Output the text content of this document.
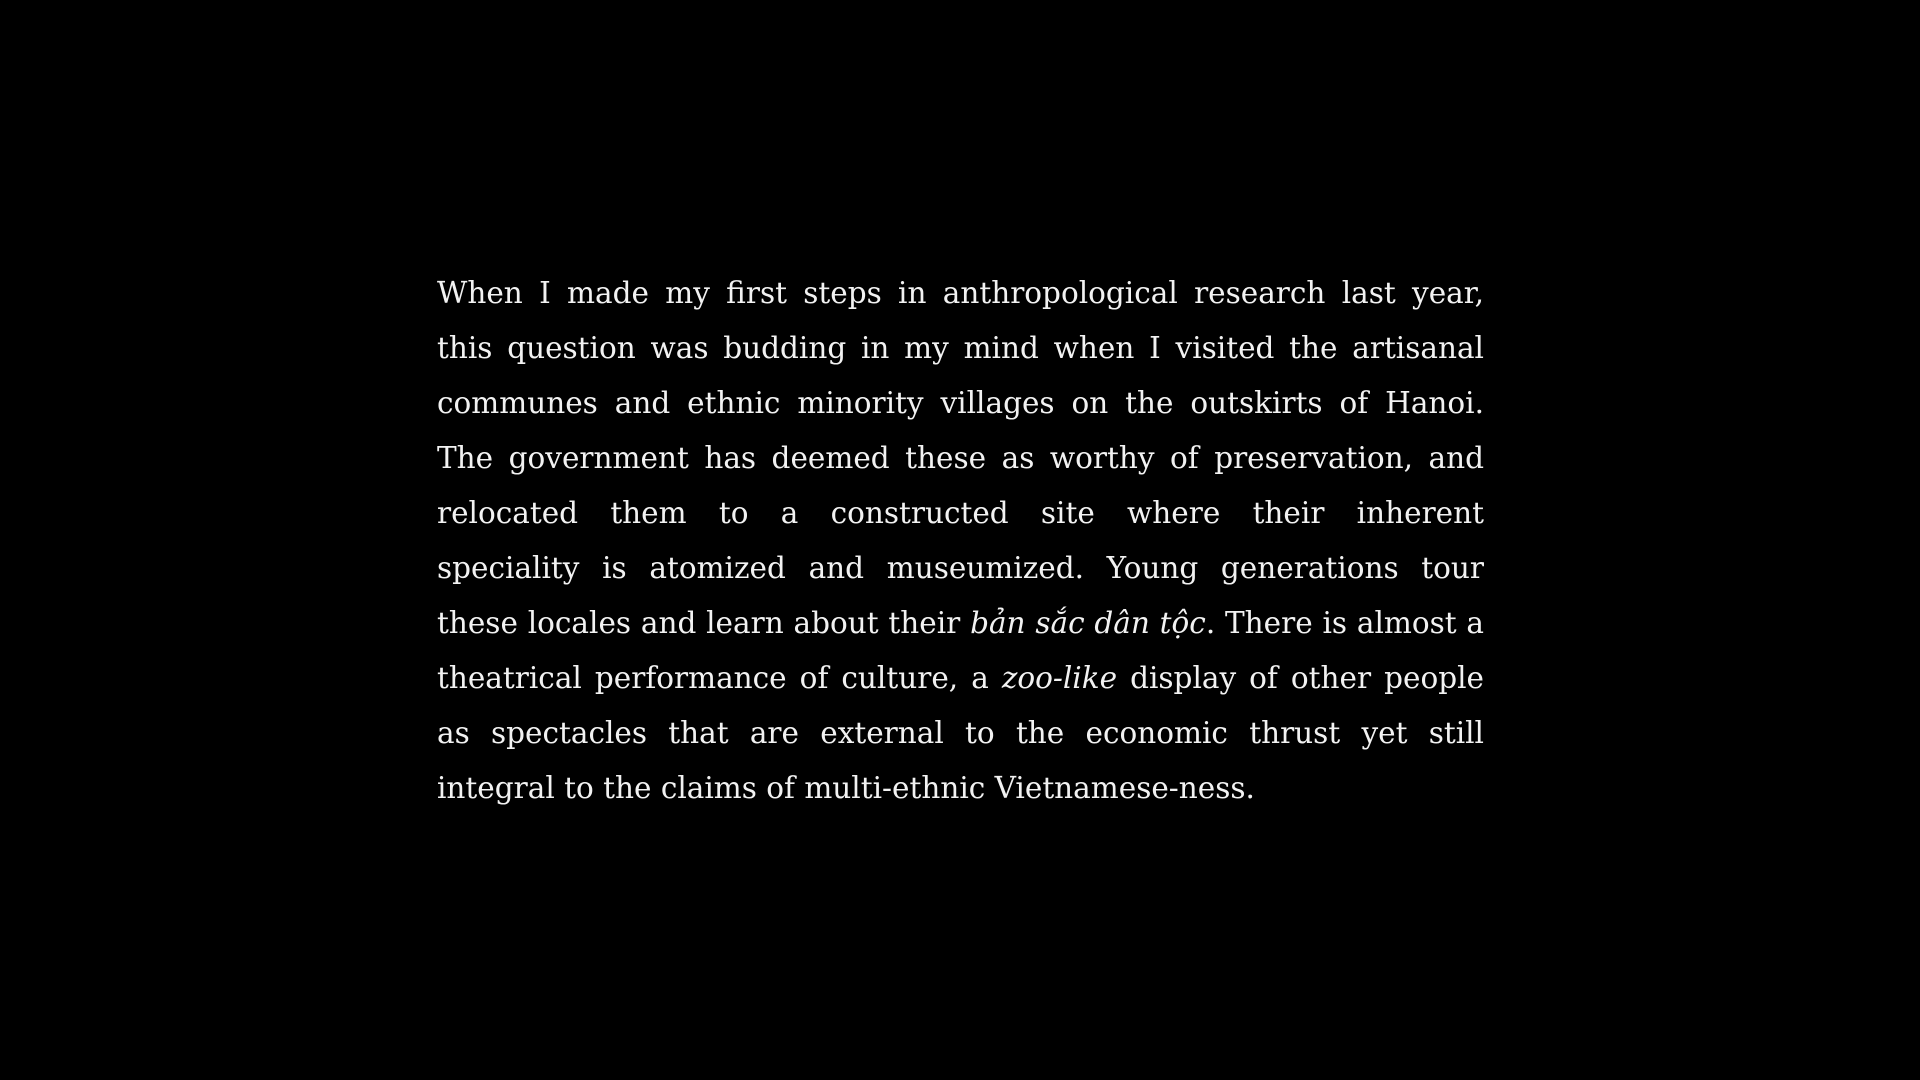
When I made my first steps in anthropological research last year,
this question was budding in my mind when I visited the artisanal
communes and ethnic minority villages on the outskirts of Hanoi.
The government has deemed these as worthy of preservation, and
relocated them to a constructed site where their inherent
speciality is atomized and museumized. Young generations tour
these locales and learn about their bản sắc dân tộc. There is almost a
theatrical performance of culture, a zoo-like display of other people
as spectacles that are external to the economic thrust yet still
integral to the claims of multi-ethnic Vietnamese-ness.
